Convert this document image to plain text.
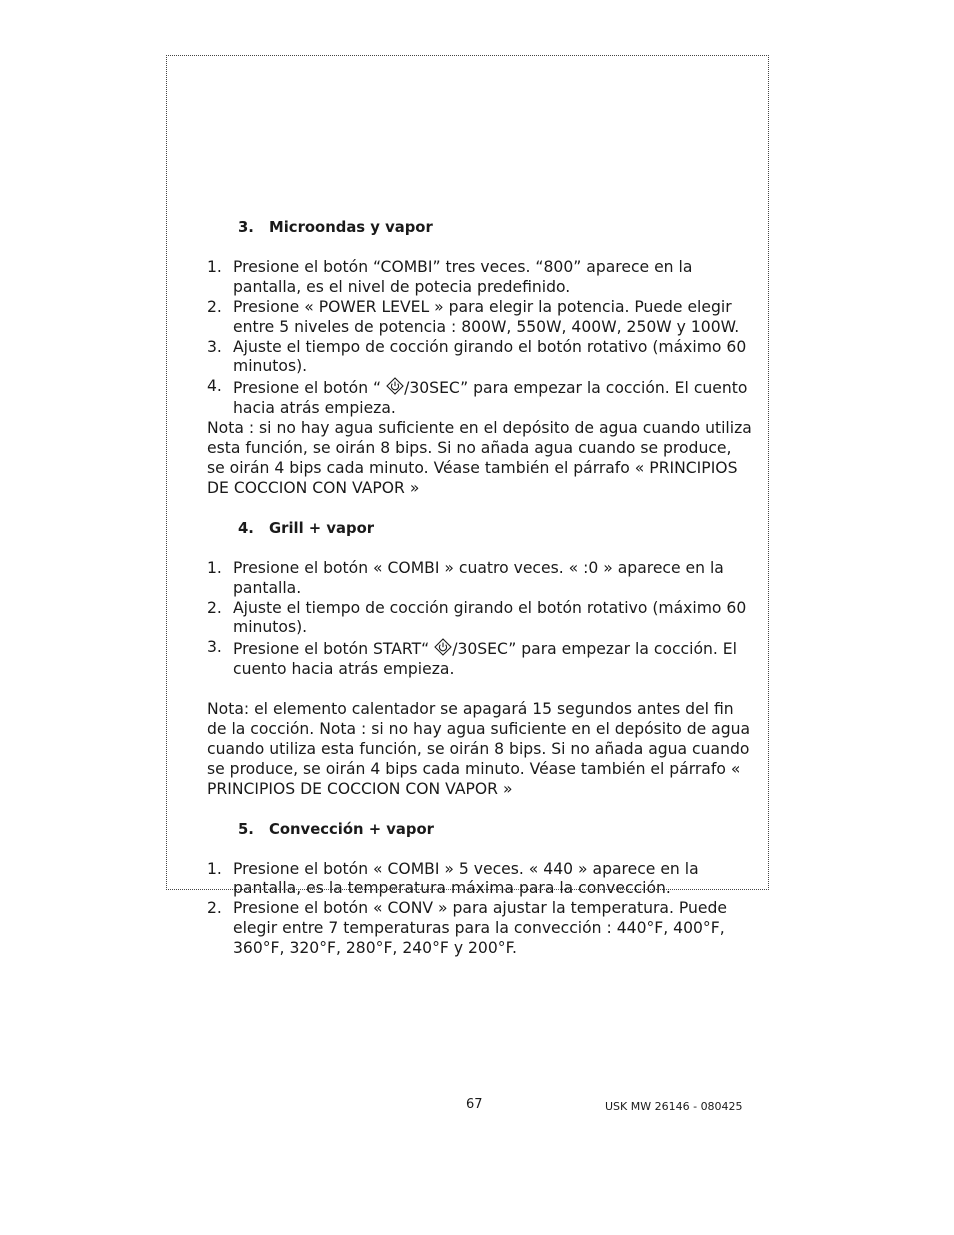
3. Microondas y vapor
1. Presione el botón “COMBI” tres veces. “800” aparece en la pantalla, es el nivel de potecia predefinido.
2. Presione « POWER LEVEL » para elegir la potencia. Puede elegir entre 5 niveles de potencia : 800W, 550W, 400W, 250W y 100W.
3. Ajuste el tiempo de cocción girando el botón rotativo (máximo 60 minutos).
4. Presione el botón “ /30SEC” para empezar la cocción. El cuento hacia atrás empieza.

Nota : si no hay agua suficiente en el depósito de agua cuando utiliza esta función, se oirán 8 bips. Si no añada agua cuando se produce, se oirán 4 bips cada minuto. Véase también el párrafo « PRINCIPIOS DE COCCION CON VAPOR »

4. Grill + vapor
1. Presione el botón « COMBI » cuatro veces. « :0 » aparece en la pantalla.
2. Ajuste el tiempo de cocción girando el botón rotativo (máximo 60 minutos).
3. Presione el botón START“ /30SEC” para empezar la cocción. El cuento hacia atrás empieza.

Nota: el elemento calentador se apagará 15 segundos antes del fin de la cocción. Nota : si no hay agua suficiente en el depósito de agua cuando utiliza esta función, se oirán 8 bips. Si no añada agua cuando se produce, se oirán 4 bips cada minuto. Véase también el párrafo « PRINCIPIOS DE COCCION CON VAPOR »

5. Convección + vapor
1. Presione el botón « COMBI » 5 veces. « 440 » aparece en la pantalla, es la temperatura máxima para la convección.
2. Presione el botón « CONV » para ajustar la temperatura. Puede elegir entre 7 temperaturas para la convección : 440°F, 400°F, 360°F, 320°F, 280°F, 240°F y 200°F.
67	USK MW 26146 - 080425
